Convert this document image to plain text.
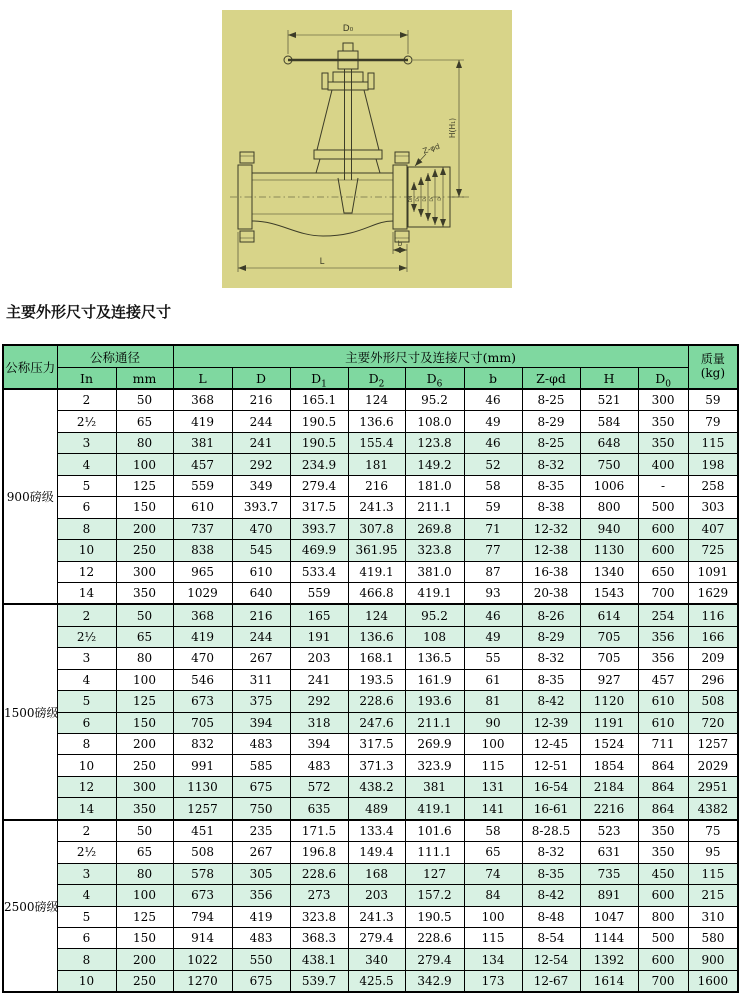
D₀
H(H₁)
Z-φd
L
b
DN D₆ D₂ D₁ D
主要外形尺寸及连接尺寸
公称压力	公称通径		主要外形尺寸及连接尺寸(mm)									质量
(kg)
	In	mm	L	D	$D_1$	$D_2$	$D_6$	b	Z-φd	H	$D_0$
900磅级	2	50	368	216	165.1	124	95.2	46	8-25	521	300	59
	2½	65	419	244	190.5	136.6	108.0	49	8-29	584	350	79
	3	80	381	241	190.5	155.4	123.8	46	8-25	648	350	115
	4	100	457	292	234.9	181	149.2	52	8-32	750	400	198
	5	125	559	349	279.4	216	181.0	58	8-35	1006	-	258
	6	150	610	393.7	317.5	241.3	211.1	59	8-38	800	500	303
	8	200	737	470	393.7	307.8	269.8	71	12-32	940	600	407
	10	250	838	545	469.9	361.95	323.8	77	12-38	1130	600	725
	12	300	965	610	533.4	419.1	381.0	87	16-38	1340	650	1091
	14	350	1029	640	559	466.8	419.1	93	20-38	1543	700	1629
1500磅级	2	50	368	216	165	124	95.2	46	8-26	614	254	116
	2½	65	419	244	191	136.6	108	49	8-29	705	356	166
	3	80	470	267	203	168.1	136.5	55	8-32	705	356	209
	4	100	546	311	241	193.5	161.9	61	8-35	927	457	296
	5	125	673	375	292	228.6	193.6	81	8-42	1120	610	508
	6	150	705	394	318	247.6	211.1	90	12-39	1191	610	720
	8	200	832	483	394	317.5	269.9	100	12-45	1524	711	1257
	10	250	991	585	483	371.3	323.9	115	12-51	1854	864	2029
	12	300	1130	675	572	438.2	381	131	16-54	2184	864	2951
	14	350	1257	750	635	489	419.1	141	16-61	2216	864	4382
2500磅级	2	50	451	235	171.5	133.4	101.6	58	8-28.5	523	350	75
	2½	65	508	267	196.8	149.4	111.1	65	8-32	631	350	95
	3	80	578	305	228.6	168	127	74	8-35	735	450	115
	4	100	673	356	273	203	157.2	84	8-42	891	600	215
	5	125	794	419	323.8	241.3	190.5	100	8-48	1047	800	310
	6	150	914	483	368.3	279.4	228.6	115	8-54	1144	500	580
	8	200	1022	550	438.1	340	279.4	134	12-54	1392	600	900
	10	250	1270	675	539.7	425.5	342.9	173	12-67	1614	700	1600
